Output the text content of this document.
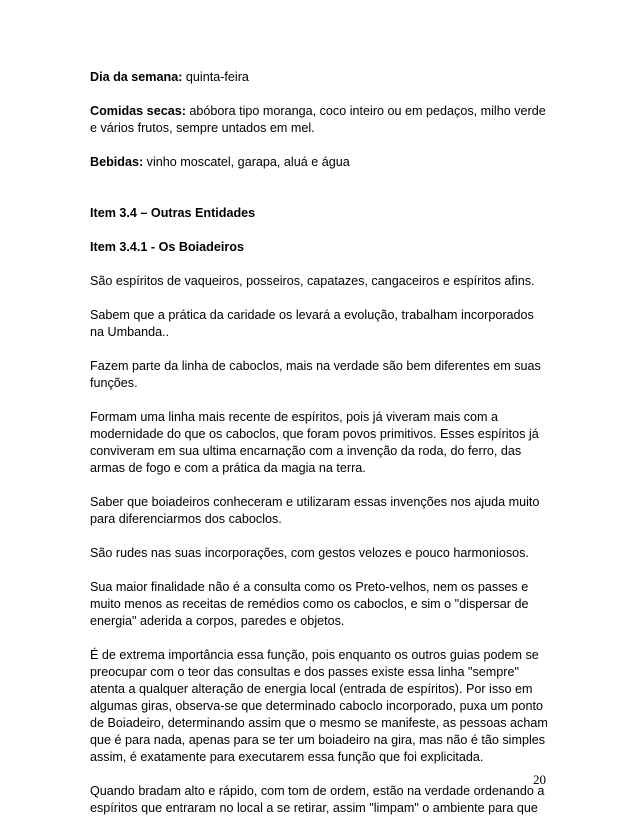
Dia da semana: quinta-feira

Comidas secas: abóbora tipo moranga, coco inteiro ou em pedaços, milho verde e vários frutos, sempre untados em mel.

Bebidas: vinho moscatel, garapa, aluá e água

Item 3.4 – Outras Entidades

Item 3.4.1 - Os Boiadeiros

São espíritos de vaqueiros, posseiros, capatazes, cangaceiros e espíritos afins.

Sabem que a prática da caridade os levará a evolução, trabalham incorporados na Umbanda..

Fazem parte da linha de caboclos, mais na verdade são bem diferentes em suas funções.

Formam uma linha mais recente de espíritos, pois já viveram mais com a modernidade do que os caboclos, que foram povos primitivos. Esses espíritos já conviveram em sua ultima encarnação com a invenção da roda, do ferro, das armas de fogo e com a prática da magia na terra.

Saber que boiadeiros conheceram e utilizaram essas invenções nos ajuda muito para diferenciarmos dos caboclos.

São rudes nas suas incorporações, com gestos velozes e pouco harmoniosos.

Sua maior finalidade não é a consulta como os Preto-velhos, nem os passes e muito menos as receitas de remédios como os caboclos, e sim o "dispersar de energia" aderida a corpos, paredes e objetos.

É de extrema importância essa função, pois enquanto os outros guias podem se preocupar com o teor das consultas e dos passes existe essa linha "sempre" atenta a qualquer alteração de energia local (entrada de espíritos). Por isso em algumas giras, observa-se que determinado caboclo incorporado, puxa um ponto de Boiadeiro, determinando assim que o mesmo se manifeste, as pessoas acham que é para nada, apenas para se ter um boiadeiro na gira, mas não é tão simples assim, é exatamente para executarem essa função que foi explicitada.

Quando bradam alto e rápido, com tom de ordem, estão na verdade ordenando a espíritos que entraram no local a se retirar, assim "limpam" o ambiente para que

20
